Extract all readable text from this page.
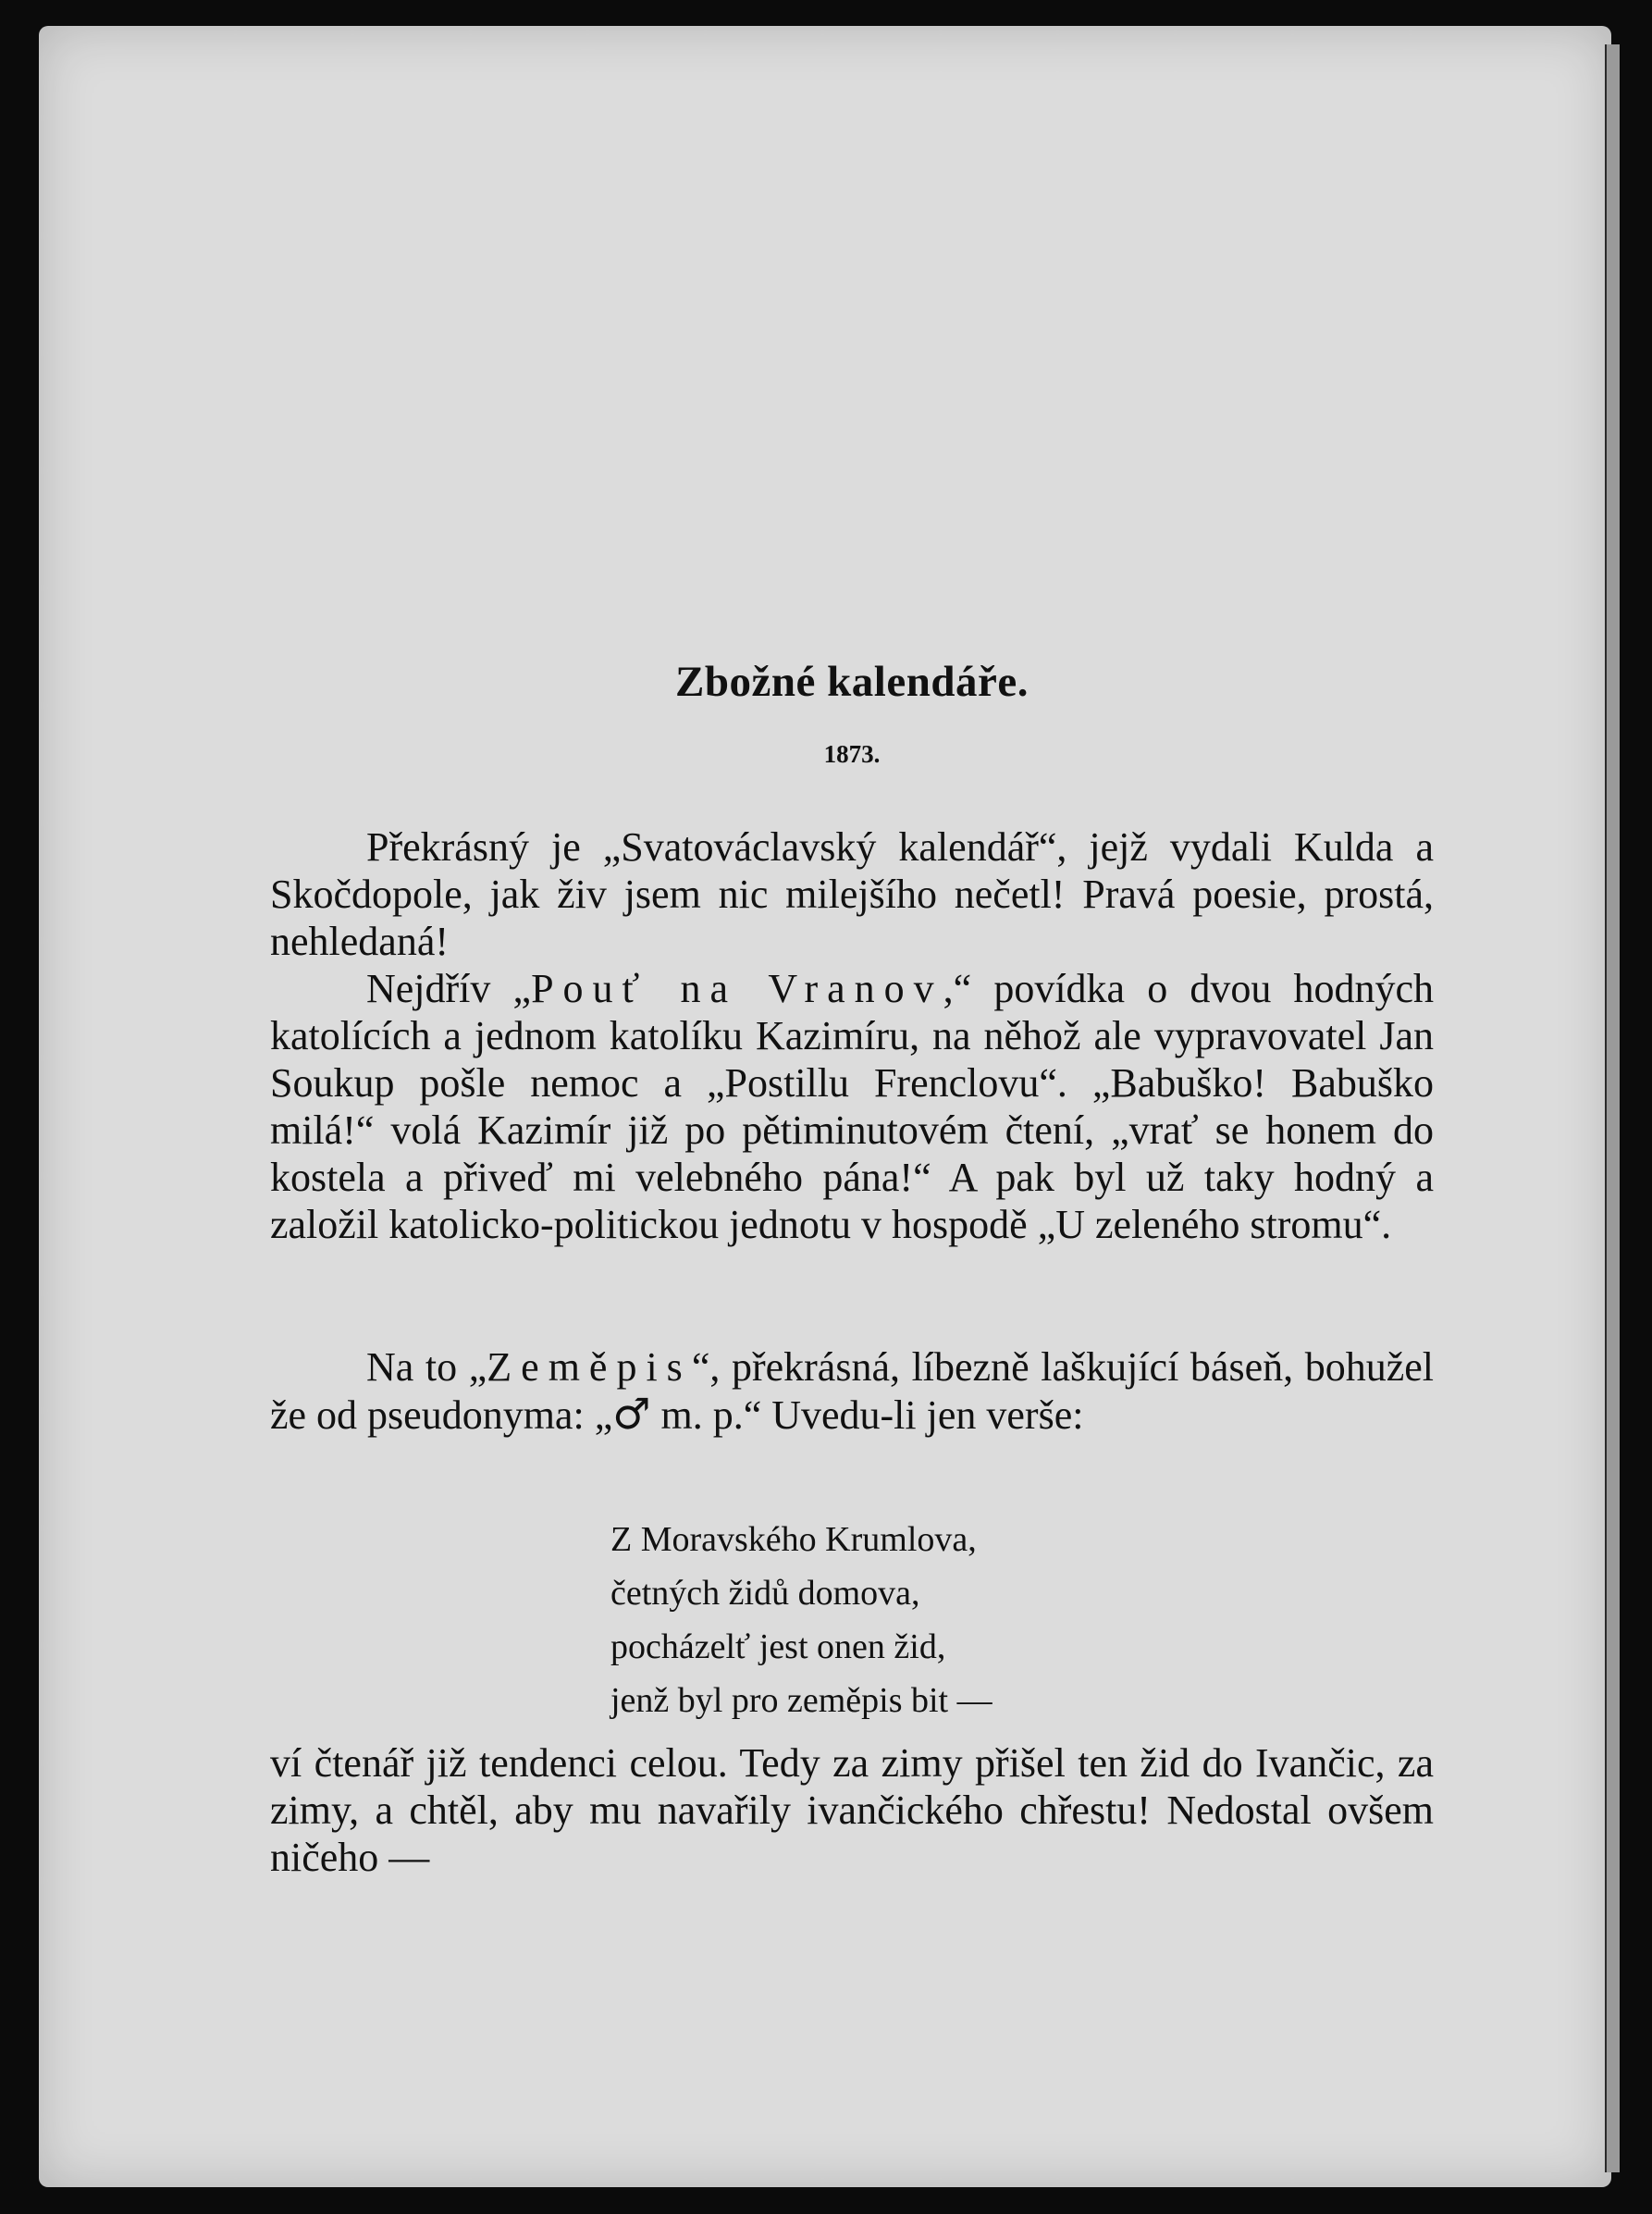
Zbožné kalendáře.
1873.

Překrásný je „Svatováclavský kalendář“, jejž vydali Kulda a Skočdopole, jak živ jsem nic milejšího nečetl! Pravá poesie, prostá, nehledaná!

Nejdřív „Pouť na Vranov,“ povídka o dvou hodných katolících a jednom katolíku Kazimíru, na něhož ale vypravovatel Jan Soukup pošle nemoc a „Postillu Frenclovu“. „Babuško! Babuško milá!“ volá Kazimír již po pětiminutovém čtení, „vrať se honem do kostela a přiveď mi velebného pána!“ A pak byl už taky hodný a založil katolicko-politickou jednotu v hospodě „U zeleného stromu“.

Na to „Zeměpis“, překrásná, líbezně laškující báseň, bohužel že od pseudonyma: „♂ m. p.“ Uvedu-li jen verše:

Z Moravského Krumlova,
četných židů domova,
pocházelť jest onen žid,
jenž byl pro zeměpis bit —

ví čtenář již tendenci celou. Tedy za zimy přišel ten žid do Ivančic, za zimy, a chtěl, aby mu navařily ivančického chřestu! Nedostal ovšem ničeho —
